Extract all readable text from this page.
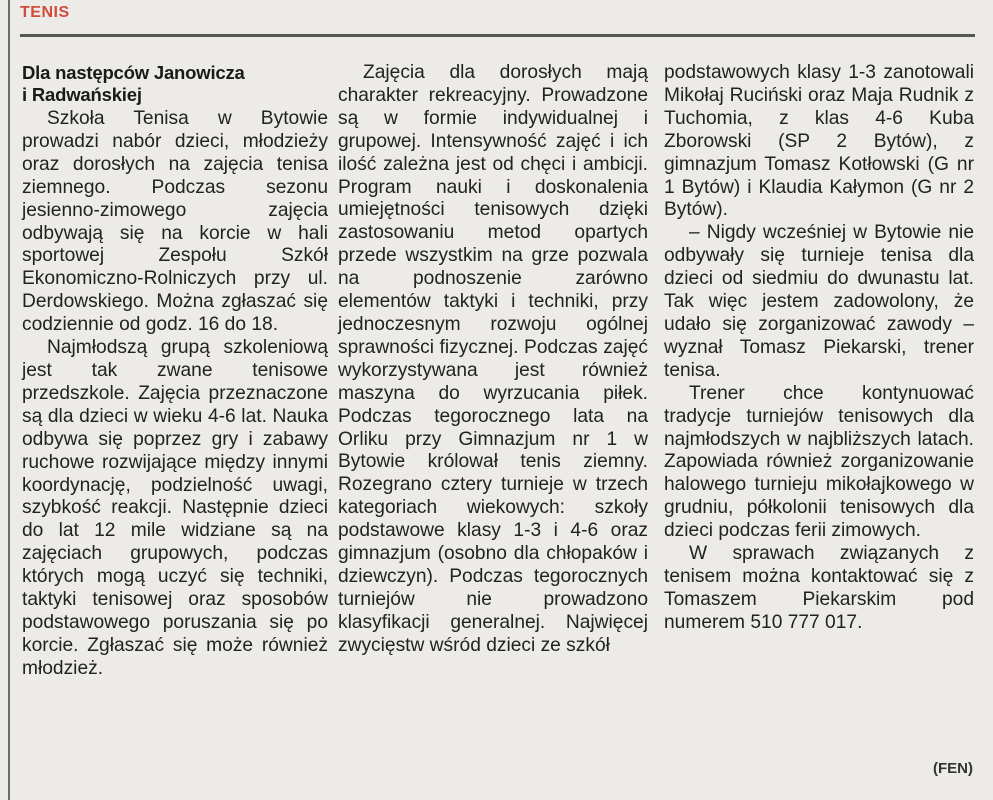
TENIS
Dla następców Janowicza
i Radwańskiej

Szkoła Tenisa w Bytowie prowadzi nabór dzieci, młodzieży oraz dorosłych na zajęcia tenisa ziemnego. Podczas sezonu jesienno-zimowego zajęcia odbywają się na korcie w hali sportowej Zespołu Szkół Ekonomiczno-Rolniczych przy ul. Derdowskiego. Można zgłaszać się codziennie od godz. 16 do 18.

Najmłodszą grupą szkoleniową jest tak zwane tenisowe przedszkole. Zajęcia przeznaczone są dla dzieci w wieku 4-6 lat. Nauka odbywa się poprzez gry i zabawy ruchowe rozwijające między innymi koordynację, podzielność uwagi, szybkość reakcji. Następnie dzieci do lat 12 mile widziane są na zajęciach grupowych, podczas których mogą uczyć się techniki, taktyki tenisowej oraz sposobów podstawowego poruszania się po korcie. Zgłaszać się może również młodzież.

Zajęcia dla dorosłych mają charakter rekreacyjny. Prowadzone są w formie indywidualnej i grupowej. Intensywność zajęć i ich ilość zależna jest od chęci i ambicji. Program nauki i doskonalenia umiejętności tenisowych dzięki zastosowaniu metod opartych przede wszystkim na grze pozwala na podnoszenie zarówno elementów taktyki i techniki, przy jednoczesnym rozwoju ogólnej sprawności fizycznej. Podczas zajęć wykorzystywana jest również maszyna do wyrzucania piłek. Podczas tegorocznego lata na Orliku przy Gimnazjum nr 1 w Bytowie królował tenis ziemny. Rozegrano cztery turnieje w trzech kategoriach wiekowych: szkoły podstawowe klasy 1-3 i 4-6 oraz gimnazjum (osobno dla chłopaków i dziewczyn). Podczas tegorocznych turniejów nie prowadzono klasyfikacji generalnej. Najwięcej zwycięstw wśród dzieci ze szkół

podstawowych klasy 1-3 zanotowali Mikołaj Ruciński oraz Maja Rudnik z Tuchomia, z klas 4-6 Kuba Zborowski (SP 2 Bytów), z gimnazjum Tomasz Kotłowski (G nr 1 Bytów) i Klaudia Kałymon (G nr 2 Bytów).

– Nigdy wcześniej w Bytowie nie odbywały się turnieje tenisa dla dzieci od siedmiu do dwunastu lat. Tak więc jestem zadowolony, że udało się zorganizować zawody – wyznał Tomasz Piekarski, trener tenisa.

Trener chce kontynuować tradycje turniejów tenisowych dla najmłodszych w najbliższych latach. Zapowiada również zorganizowanie halowego turnieju mikołajkowego w grudniu, półkolonii tenisowych dla dzieci podczas ferii zimowych.

W sprawach związanych z tenisem można kontaktować się z Tomaszem Piekarskim pod numerem 510 777 017.

(FEN)
